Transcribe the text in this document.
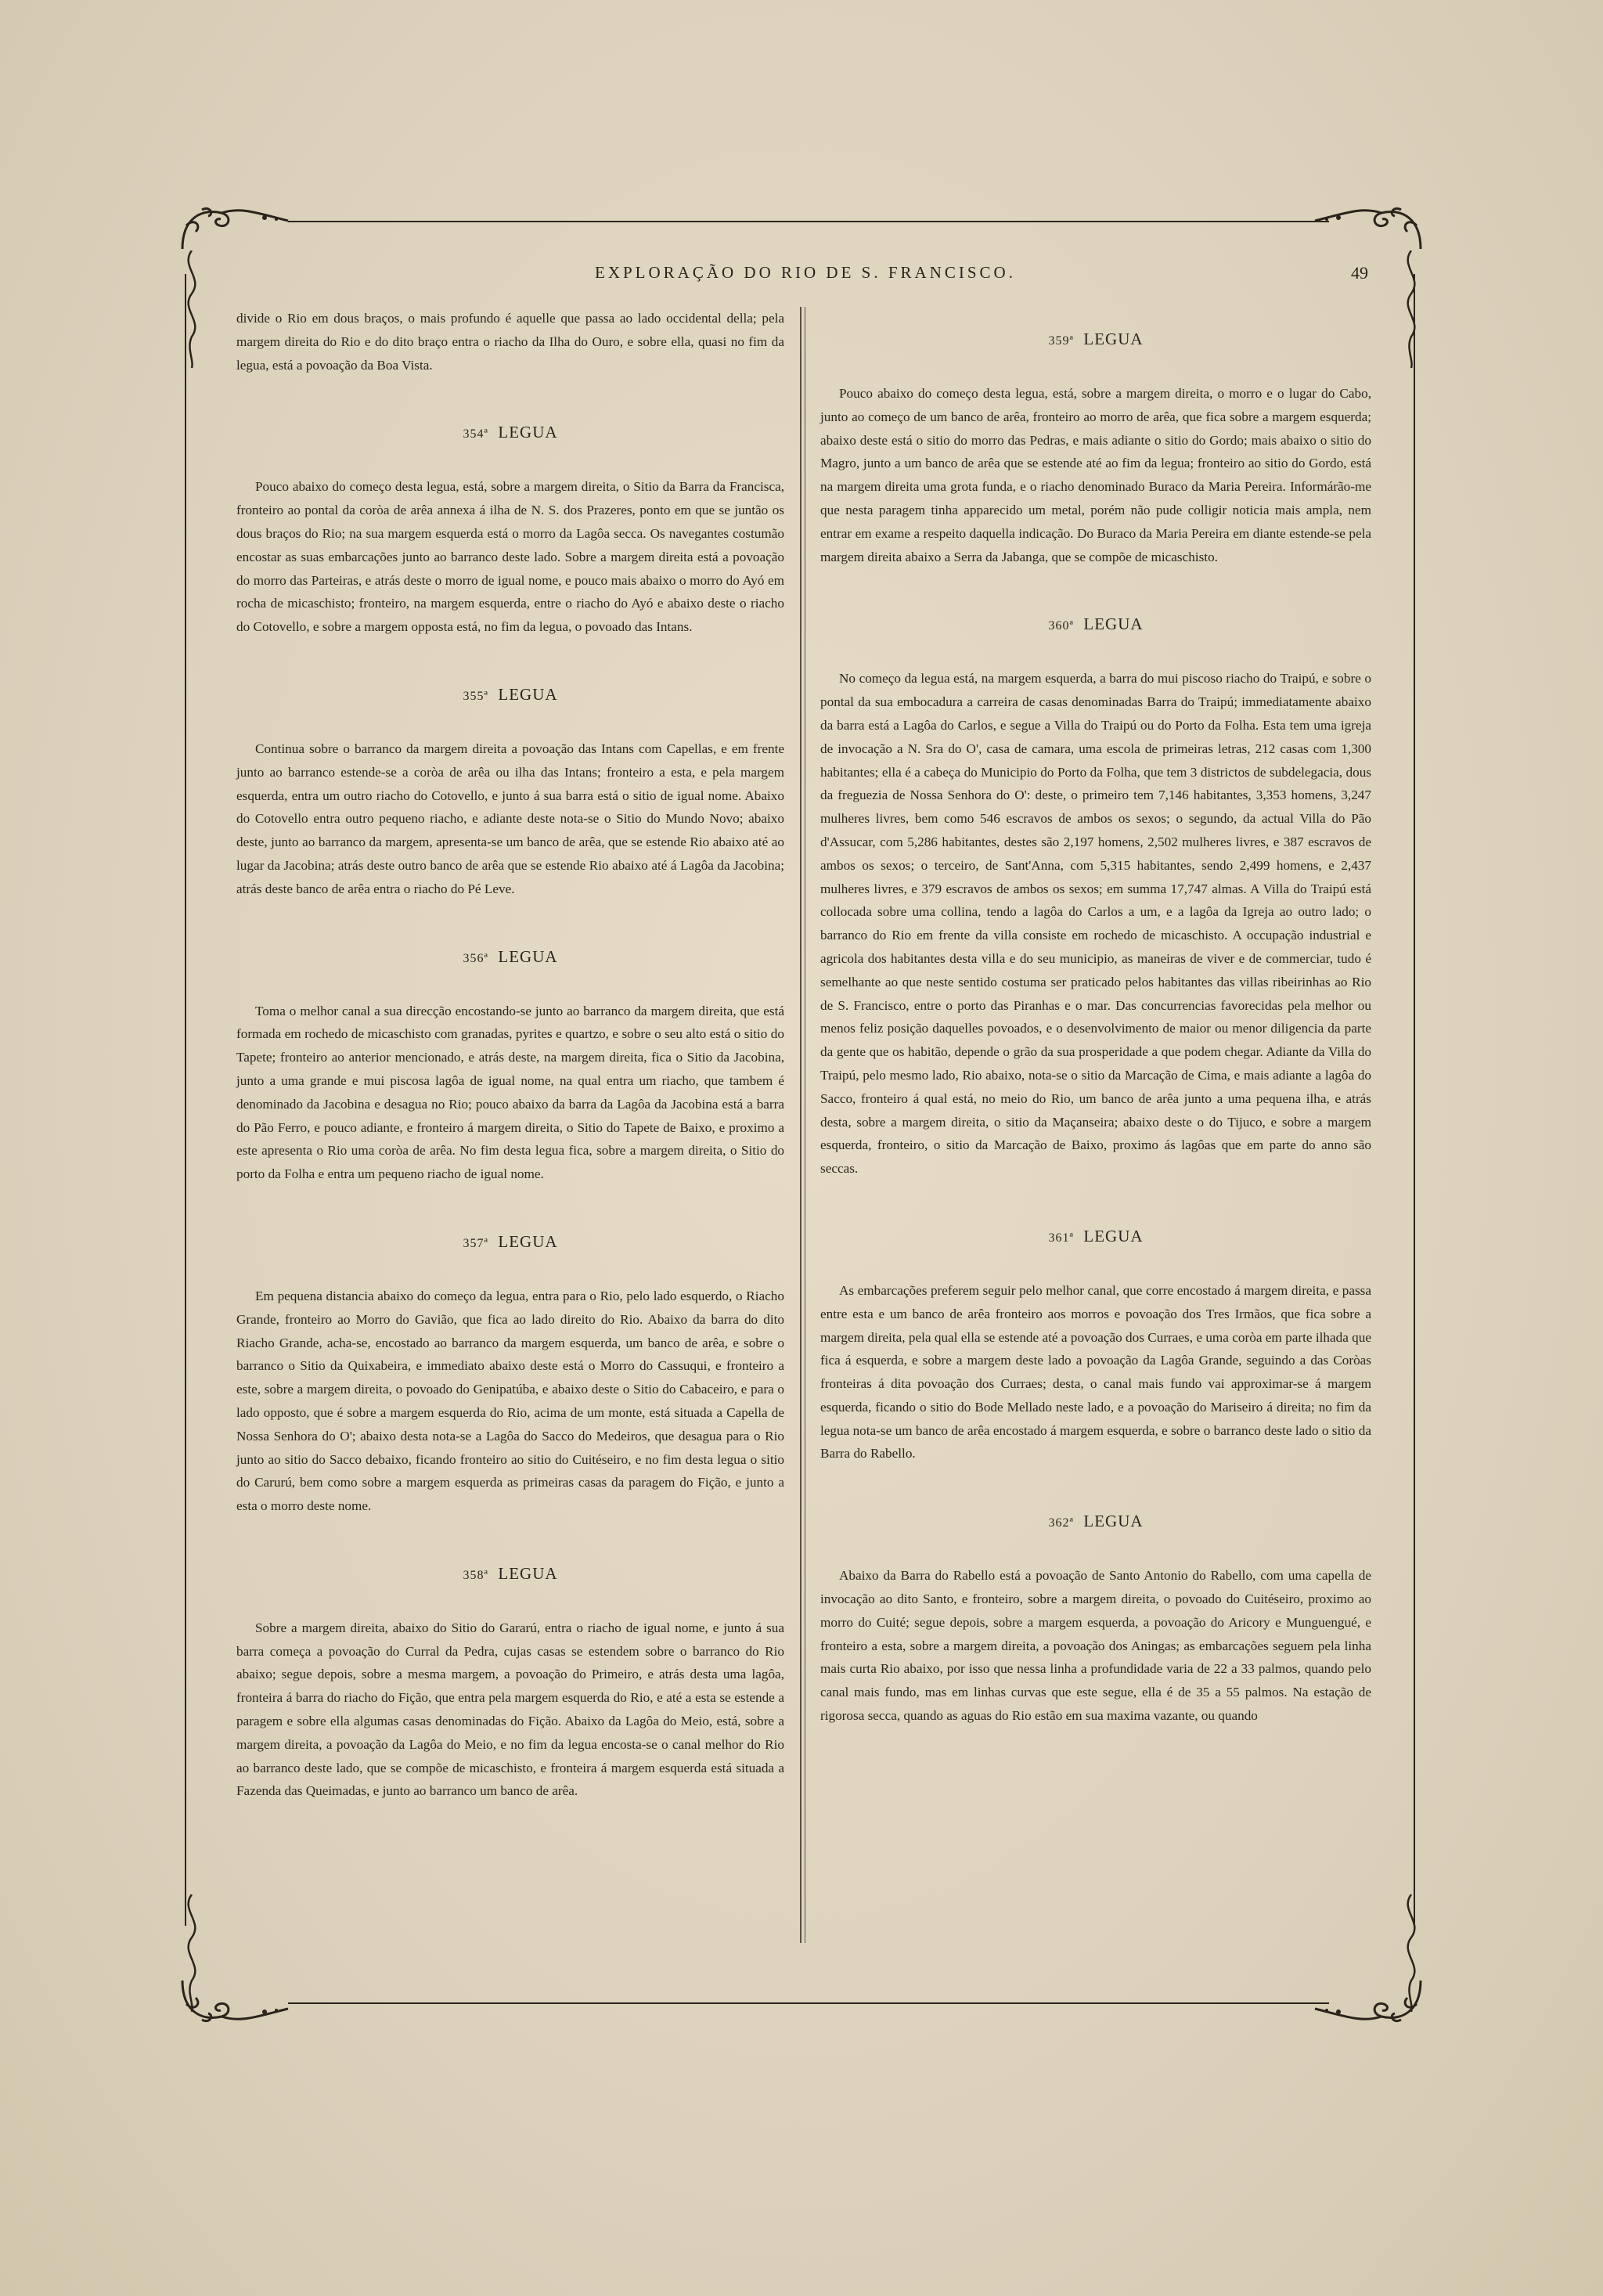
EXPLORAÇÃO DO RIO DE S. FRANCISCO.	49

divide o Rio em dous braços, o mais profundo é aquelle que passa ao lado occidental della; pela margem direita do Rio e do dito braço entra o riacho da Ilha do Ouro, e sobre ella, quasi no fim da legua, está a povoação da Boa Vista.

$^{354ª}$ LEGUA

Pouco abaixo do começo desta legua, está, sobre a margem direita, o Sitio da Barra da Francisca, fronteiro ao pontal da coròa de arêa annexa á ilha de N. S. dos Prazeres, ponto em que se juntão os dous braços do Rio; na sua margem esquerda está o morro da Lagôa secca. Os navegantes costumão encostar as suas embarcações junto ao barranco deste lado. Sobre a margem direita está a povoação do morro das Parteiras, e atrás deste o morro de igual nome, e pouco mais abaixo o morro do Ayó em rocha de micaschisto; fronteiro, na margem esquerda, entre o riacho do Ayó e abaixo deste o riacho do Cotovello, e sobre a margem opposta está, no fim da legua, o povoado das Intans.

$^{355ª}$ LEGUA

Continua sobre o barranco da margem direita a povoação das Intans com Capellas, e em frente junto ao barranco estende-se a coròa de arêa ou ilha das Intans; fronteiro a esta, e pela margem esquerda, entra um outro riacho do Cotovello, e junto á sua barra está o sitio de igual nome. Abaixo do Cotovello entra outro pequeno riacho, e adiante deste nota-se o Sitio do Mundo Novo; abaixo deste, junto ao barranco da margem, apresenta-se um banco de arêa, que se estende Rio abaixo até ao lugar da Jacobina; atrás deste outro banco de arêa que se estende Rio abaixo até á Lagôa da Jacobina; atrás deste banco de arêa entra o riacho do Pé Leve.

$^{356ª}$ LEGUA

Toma o melhor canal a sua direcção encostando-se junto ao barranco da margem direita, que está formada em rochedo de micaschisto com granadas, pyrites e quartzo, e sobre o seu alto está o sitio do Tapete; fronteiro ao anterior mencionado, e atrás deste, na margem direita, fica o Sitio da Jacobina, junto a uma grande e mui piscosa lagôa de igual nome, na qual entra um riacho, que tambem é denominado da Jacobina e desagua no Rio; pouco abaixo da barra da Lagôa da Jacobina está a barra do Pão Ferro, e pouco adiante, e fronteiro á margem direita, o Sitio do Tapete de Baixo, e proximo a este apresenta o Rio uma coròa de arêa. No fim desta legua fica, sobre a margem direita, o Sitio do porto da Folha e entra um pequeno riacho de igual nome.

$^{357ª}$ LEGUA

Em pequena distancia abaixo do começo da legua, entra para o Rio, pelo lado esquerdo, o Riacho Grande, fronteiro ao Morro do Gavião, que fica ao lado direito do Rio. Abaixo da barra do dito Riacho Grande, acha-se, encostado ao barranco da margem esquerda, um banco de arêa, e sobre o barranco o Sitio da Quixabeira, e immediato abaixo deste está o Morro do Cassuqui, e fronteiro a este, sobre a margem direita, o povoado do Genipatúba, e abaixo deste o Sitio do Cabaceiro, e para o lado opposto, que é sobre a margem esquerda do Rio, acima de um monte, está situada a Capella de Nossa Senhora do O'; abaixo desta nota-se a Lagôa do Sacco do Medeiros, que desagua para o Rio junto ao sitio do Sacco debaixo, ficando fronteiro ao sitio do Cuitéseiro, e no fim desta legua o sitio do Carurú, bem como sobre a margem esquerda as primeiras casas da paragem do Fição, e junto a esta o morro deste nome.

$^{358ª}$ LEGUA

Sobre a margem direita, abaixo do Sitio do Gararú, entra o riacho de igual nome, e junto á sua barra começa a povoação do Curral da Pedra, cujas casas se estendem sobre o barranco do Rio abaixo; segue depois, sobre a mesma margem, a povoação do Primeiro, e atrás desta uma lagôa, fronteira á barra do riacho do Fição, que entra pela margem esquerda do Rio, e até a esta se estende a paragem e sobre ella algumas casas denominadas do Fição. Abaixo da Lagôa do Meio, está, sobre a margem direita, a povoação da Lagôa do Meio, e no fim da legua encosta-se o canal melhor do Rio ao barranco deste lado, que se compõe de micaschisto, e fronteira á margem esquerda está situada a Fazenda das Queimadas, e junto ao barranco um banco de arêa.

$^{359ª}$ LEGUA

Pouco abaixo do começo desta legua, está, sobre a margem direita, o morro e o lugar do Cabo, junto ao começo de um banco de arêa, fronteiro ao morro de arêa, que fica sobre a margem esquerda; abaixo deste está o sitio do morro das Pedras, e mais adiante o sitio do Gordo; mais abaixo o sitio do Magro, junto a um banco de arêa que se estende até ao fim da legua; fronteiro ao sitio do Gordo, está na margem direita uma grota funda, e o riacho denominado Buraco da Maria Pereira. Informárão-me que nesta paragem tinha apparecido um metal, porém não pude colligir noticia mais ampla, nem entrar em exame a respeito daquella indicação. Do Buraco da Maria Pereira em diante estende-se pela margem direita abaixo a Serra da Jabanga, que se compõe de micaschisto.

$^{360ª}$ LEGUA

No começo da legua está, na margem esquerda, a barra do mui piscoso riacho do Traipú, e sobre o pontal da sua embocadura a carreira de casas denominadas Barra do Traipú; immediatamente abaixo da barra está a Lagôa do Carlos, e segue a Villa do Traipú ou do Porto da Folha. Esta tem uma igreja de invocação a N. Sra do O', casa de camara, uma escola de primeiras letras, 212 casas com 1,300 habitantes; ella é a cabeça do Municipio do Porto da Folha, que tem 3 districtos de subdelegacia, dous da freguezia de Nossa Senhora do O': deste, o primeiro tem 7,146 habitantes, 3,353 homens, 3,247 mulheres livres, bem como 546 escravos de ambos os sexos; o segundo, da actual Villa do Pão d'Assucar, com 5,286 habitantes, destes são 2,197 homens, 2,502 mulheres livres, e 387 escravos de ambos os sexos; o terceiro, de Sant'Anna, com 5,315 habitantes, sendo 2,499 homens, e 2,437 mulheres livres, e 379 escravos de ambos os sexos; em summa 17,747 almas. A Villa do Traipú está collocada sobre uma collina, tendo a lagôa do Carlos a um, e a lagôa da Igreja ao outro lado; o barranco do Rio em frente da villa consiste em rochedo de micaschisto. A occupação industrial e agricola dos habitantes desta villa e do seu municipio, as maneiras de viver e de commerciar, tudo é semelhante ao que neste sentido costuma ser praticado pelos habitantes das villas ribeirinhas ao Rio de S. Francisco, entre o porto das Piranhas e o mar. Das concurrencias favorecidas pela melhor ou menos feliz posição daquelles povoados, e o desenvolvimento de maior ou menor diligencia da parte da gente que os habitão, depende o grão da sua prosperidade a que podem chegar. Adiante da Villa do Traipú, pelo mesmo lado, Rio abaixo, nota-se o sitio da Marcação de Cima, e mais adiante a lagôa do Sacco, fronteiro á qual está, no meio do Rio, um banco de arêa junto a uma pequena ilha, e atrás desta, sobre a margem direita, o sitio da Maçanseira; abaixo deste o do Tijuco, e sobre a margem esquerda, fronteiro, o sitio da Marcação de Baixo, proximo ás lagôas que em parte do anno são seccas.

$^{361ª}$ LEGUA

As embarcações preferem seguir pelo melhor canal, que corre encostado á margem direita, e passa entre esta e um banco de arêa fronteiro aos morros e povoação dos Tres Irmãos, que fica sobre a margem direita, pela qual ella se estende até a povoação dos Curraes, e uma coròa em parte ilhada que fica á esquerda, e sobre a margem deste lado a povoação da Lagôa Grande, seguindo a das Coròas fronteiras á dita povoação dos Curraes; desta, o canal mais fundo vai approximar-se á margem esquerda, ficando o sitio do Bode Mellado neste lado, e a povoação do Mariseiro á direita; no fim da legua nota-se um banco de arêa encostado á margem esquerda, e sobre o barranco deste lado o sitio da Barra do Rabello.

$^{362ª}$ LEGUA

Abaixo da Barra do Rabello está a povoação de Santo Antonio do Rabello, com uma capella de invocação ao dito Santo, e fronteiro, sobre a margem direita, o povoado do Cuitéseiro, proximo ao morro do Cuité; segue depois, sobre a margem esquerda, a povoação do Aricory e Munguengué, e fronteiro a esta, sobre a margem direita, a povoação dos Aningas; as embarcações seguem pela linha mais curta Rio abaixo, por isso que nessa linha a profundidade varia de 22 a 33 palmos, quando pelo canal mais fundo, mas em linhas curvas que este segue, ella é de 35 a 55 palmos. Na estação de rigorosa secca, quando as aguas do Rio estão em sua maxima vazante, ou quando
